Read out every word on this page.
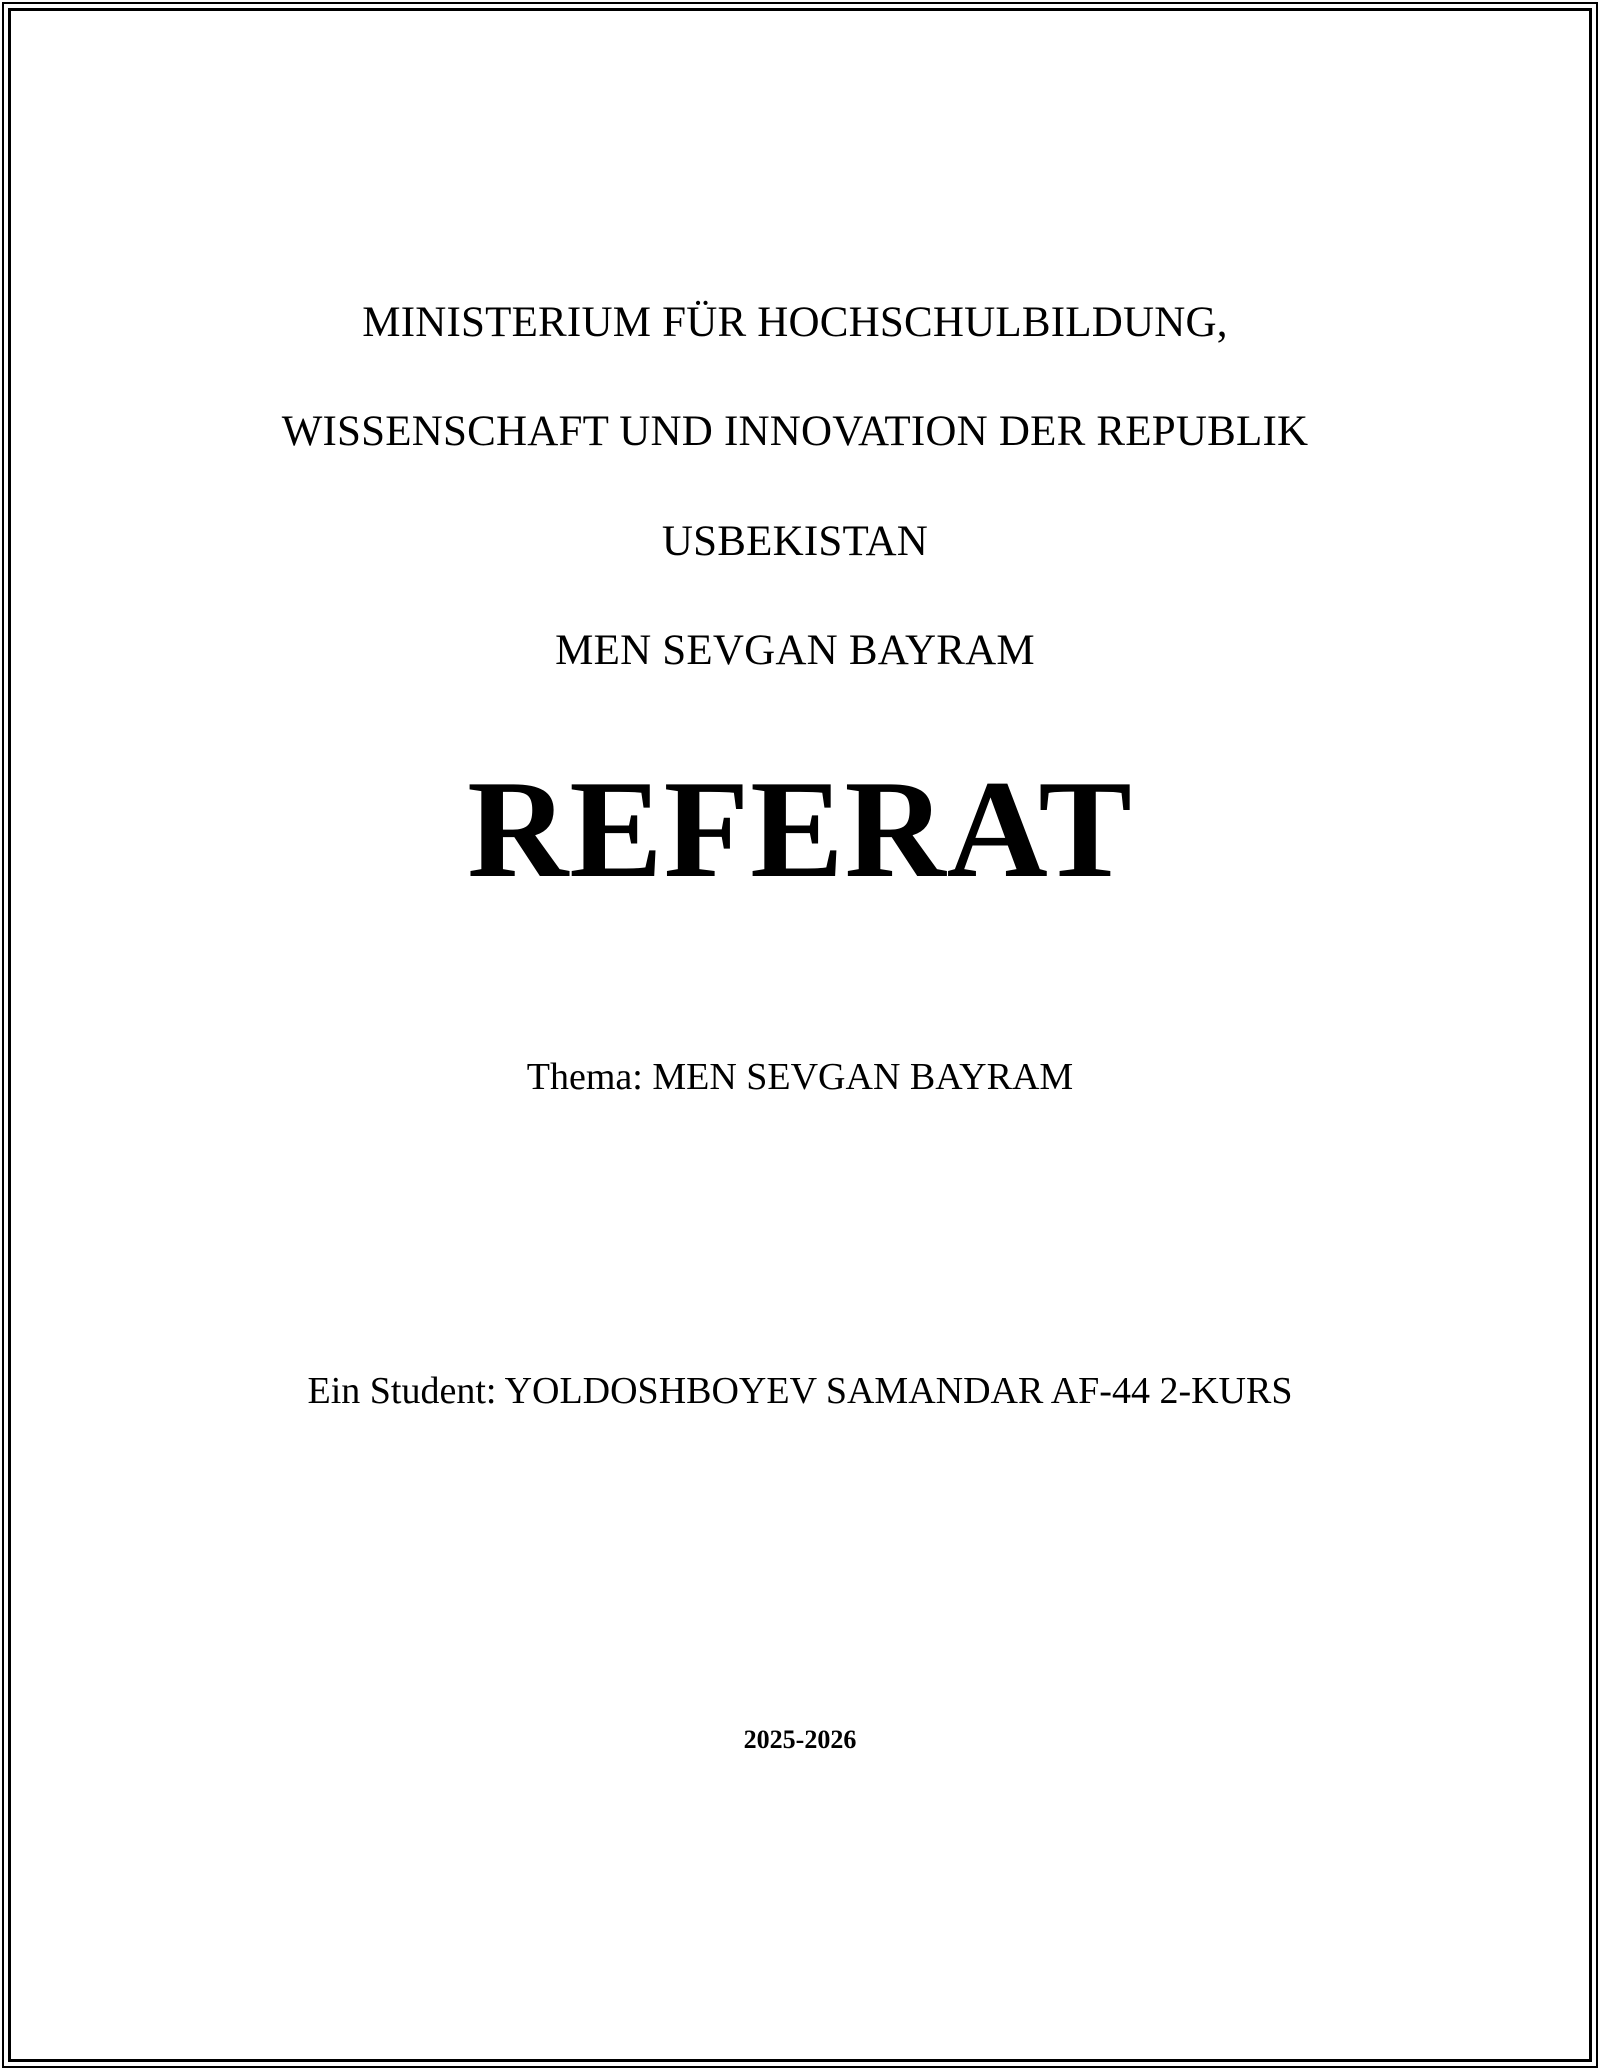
MINISTERIUM FÜR HOCHSCHULBILDUNG,

WISSENSCHAFT UND INNOVATION DER REPUBLIK

USBEKISTAN

MEN SEVGAN BAYRAM

REFERAT
Thema: MEN SEVGAN BAYRAM
Ein Student: YOLDOSHBOYEV SAMANDAR AF-44 2-KURS
2025-2026
